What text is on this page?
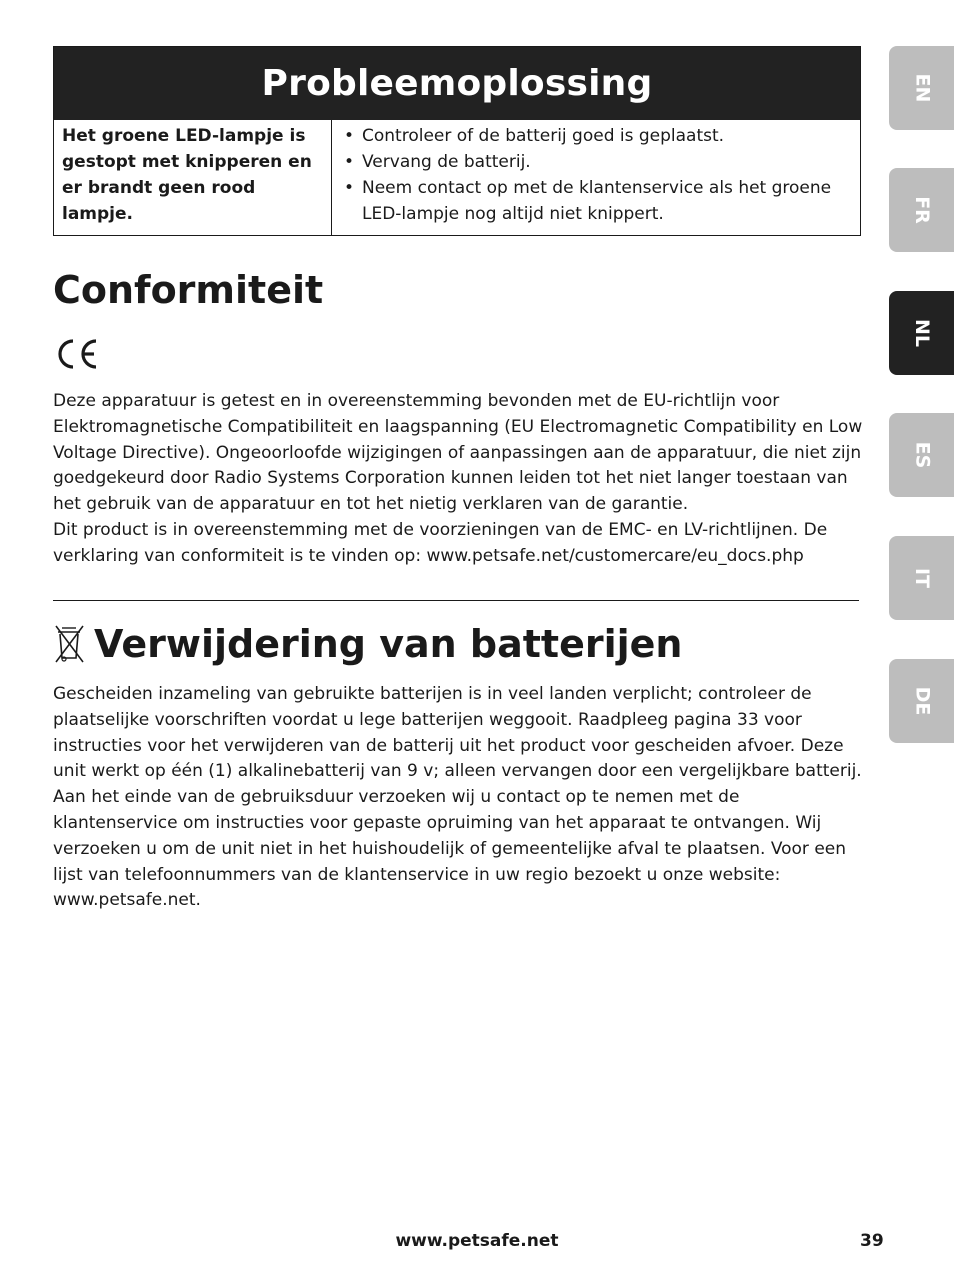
Probleemoplossing
Het groene LED-lampje is gestopt met knipperen en er brandt geen rood lampje.
• Controleer of de batterij goed is geplaatst.
• Vervang de batterij.
• Neem contact op met de klantenservice als het groene LED-lampje nog altijd niet knippert.
Conformiteit

Deze apparatuur is getest en in overeenstemming bevonden met de EU-richtlijn voor Elektromagnetische Compatibiliteit en laagspanning (EU Electromagnetic Compatibility en Low Voltage Directive). Ongeoorloofde wijzigingen of aanpassingen aan de apparatuur, die niet zijn goedgekeurd door Radio Systems Corporation kunnen leiden tot het niet langer toestaan van het gebruik van de apparatuur en tot het nietig verklaren van de garantie.

Dit product is in overeenstemming met de voorzieningen van de EMC- en LV-richtlijnen. De verklaring van conformiteit is te vinden op: www.petsafe.net/customercare/eu_docs.php

Verwijdering van batterijen

Gescheiden inzameling van gebruikte batterijen is in veel landen verplicht; controleer de plaatselijke voorschriften voordat u lege batterijen weggooit. Raadpleeg pagina 33 voor instructies voor het verwijderen van de batterij uit het product voor gescheiden afvoer. Deze unit werkt op één (1) alkalinebatterij van 9 v; alleen vervangen door een vergelijkbare batterij.

Aan het einde van de gebruiksduur verzoeken wij u contact op te nemen met de klantenservice om instructies voor gepaste opruiming van het apparaat te ontvangen. Wij verzoeken u om de unit niet in het huishoudelijk of gemeentelijke afval te plaatsen. Voor een lijst van telefoonnummers van de klantenservice in uw regio bezoekt u onze website: www.petsafe.net.

EN
FR
NL
ES
IT
DE

www.petsafe.net	39
